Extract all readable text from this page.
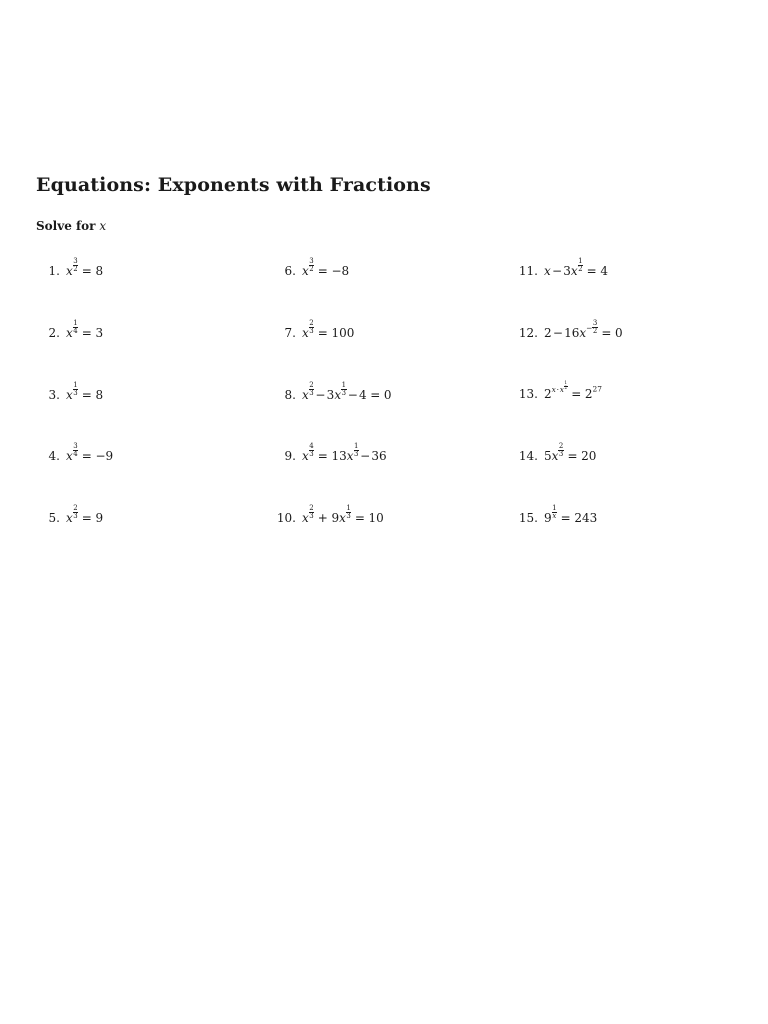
Equations: Exponents with Fractions
Solve for x
1. x $\frac{3}{2}$   =  8
2. x $\frac{1}{4}$   =  3
3. x $\frac{1}{3}$   =  8
4. x $\frac{3}{4}$   =  −9
5. x $\frac{2}{3}$   =  9
6. x $\frac{3}{2}$   =  −8
7. x $\frac{2}{3}$   =  100
8. x $\frac{2}{3}$  − $3x \frac{1}{3}$  − 4  =  0
9. x $\frac{4}{3}$   =  $13x \frac{1}{3}$  − 36
10. x $\frac{2}{3}$   +  $9x \frac{1}{3}$   =  10
11. x − $3x \frac{1}{2}$   =  4
12. 2 − $16x^- \frac{3}{2}$   =  0
13. $2^{x \cdot x \frac{1}{2}}$
  =  $2^{27}$
14. $5x \frac{2}{3}$   =  20
15. $9 \frac{1}{x}$   =  243
